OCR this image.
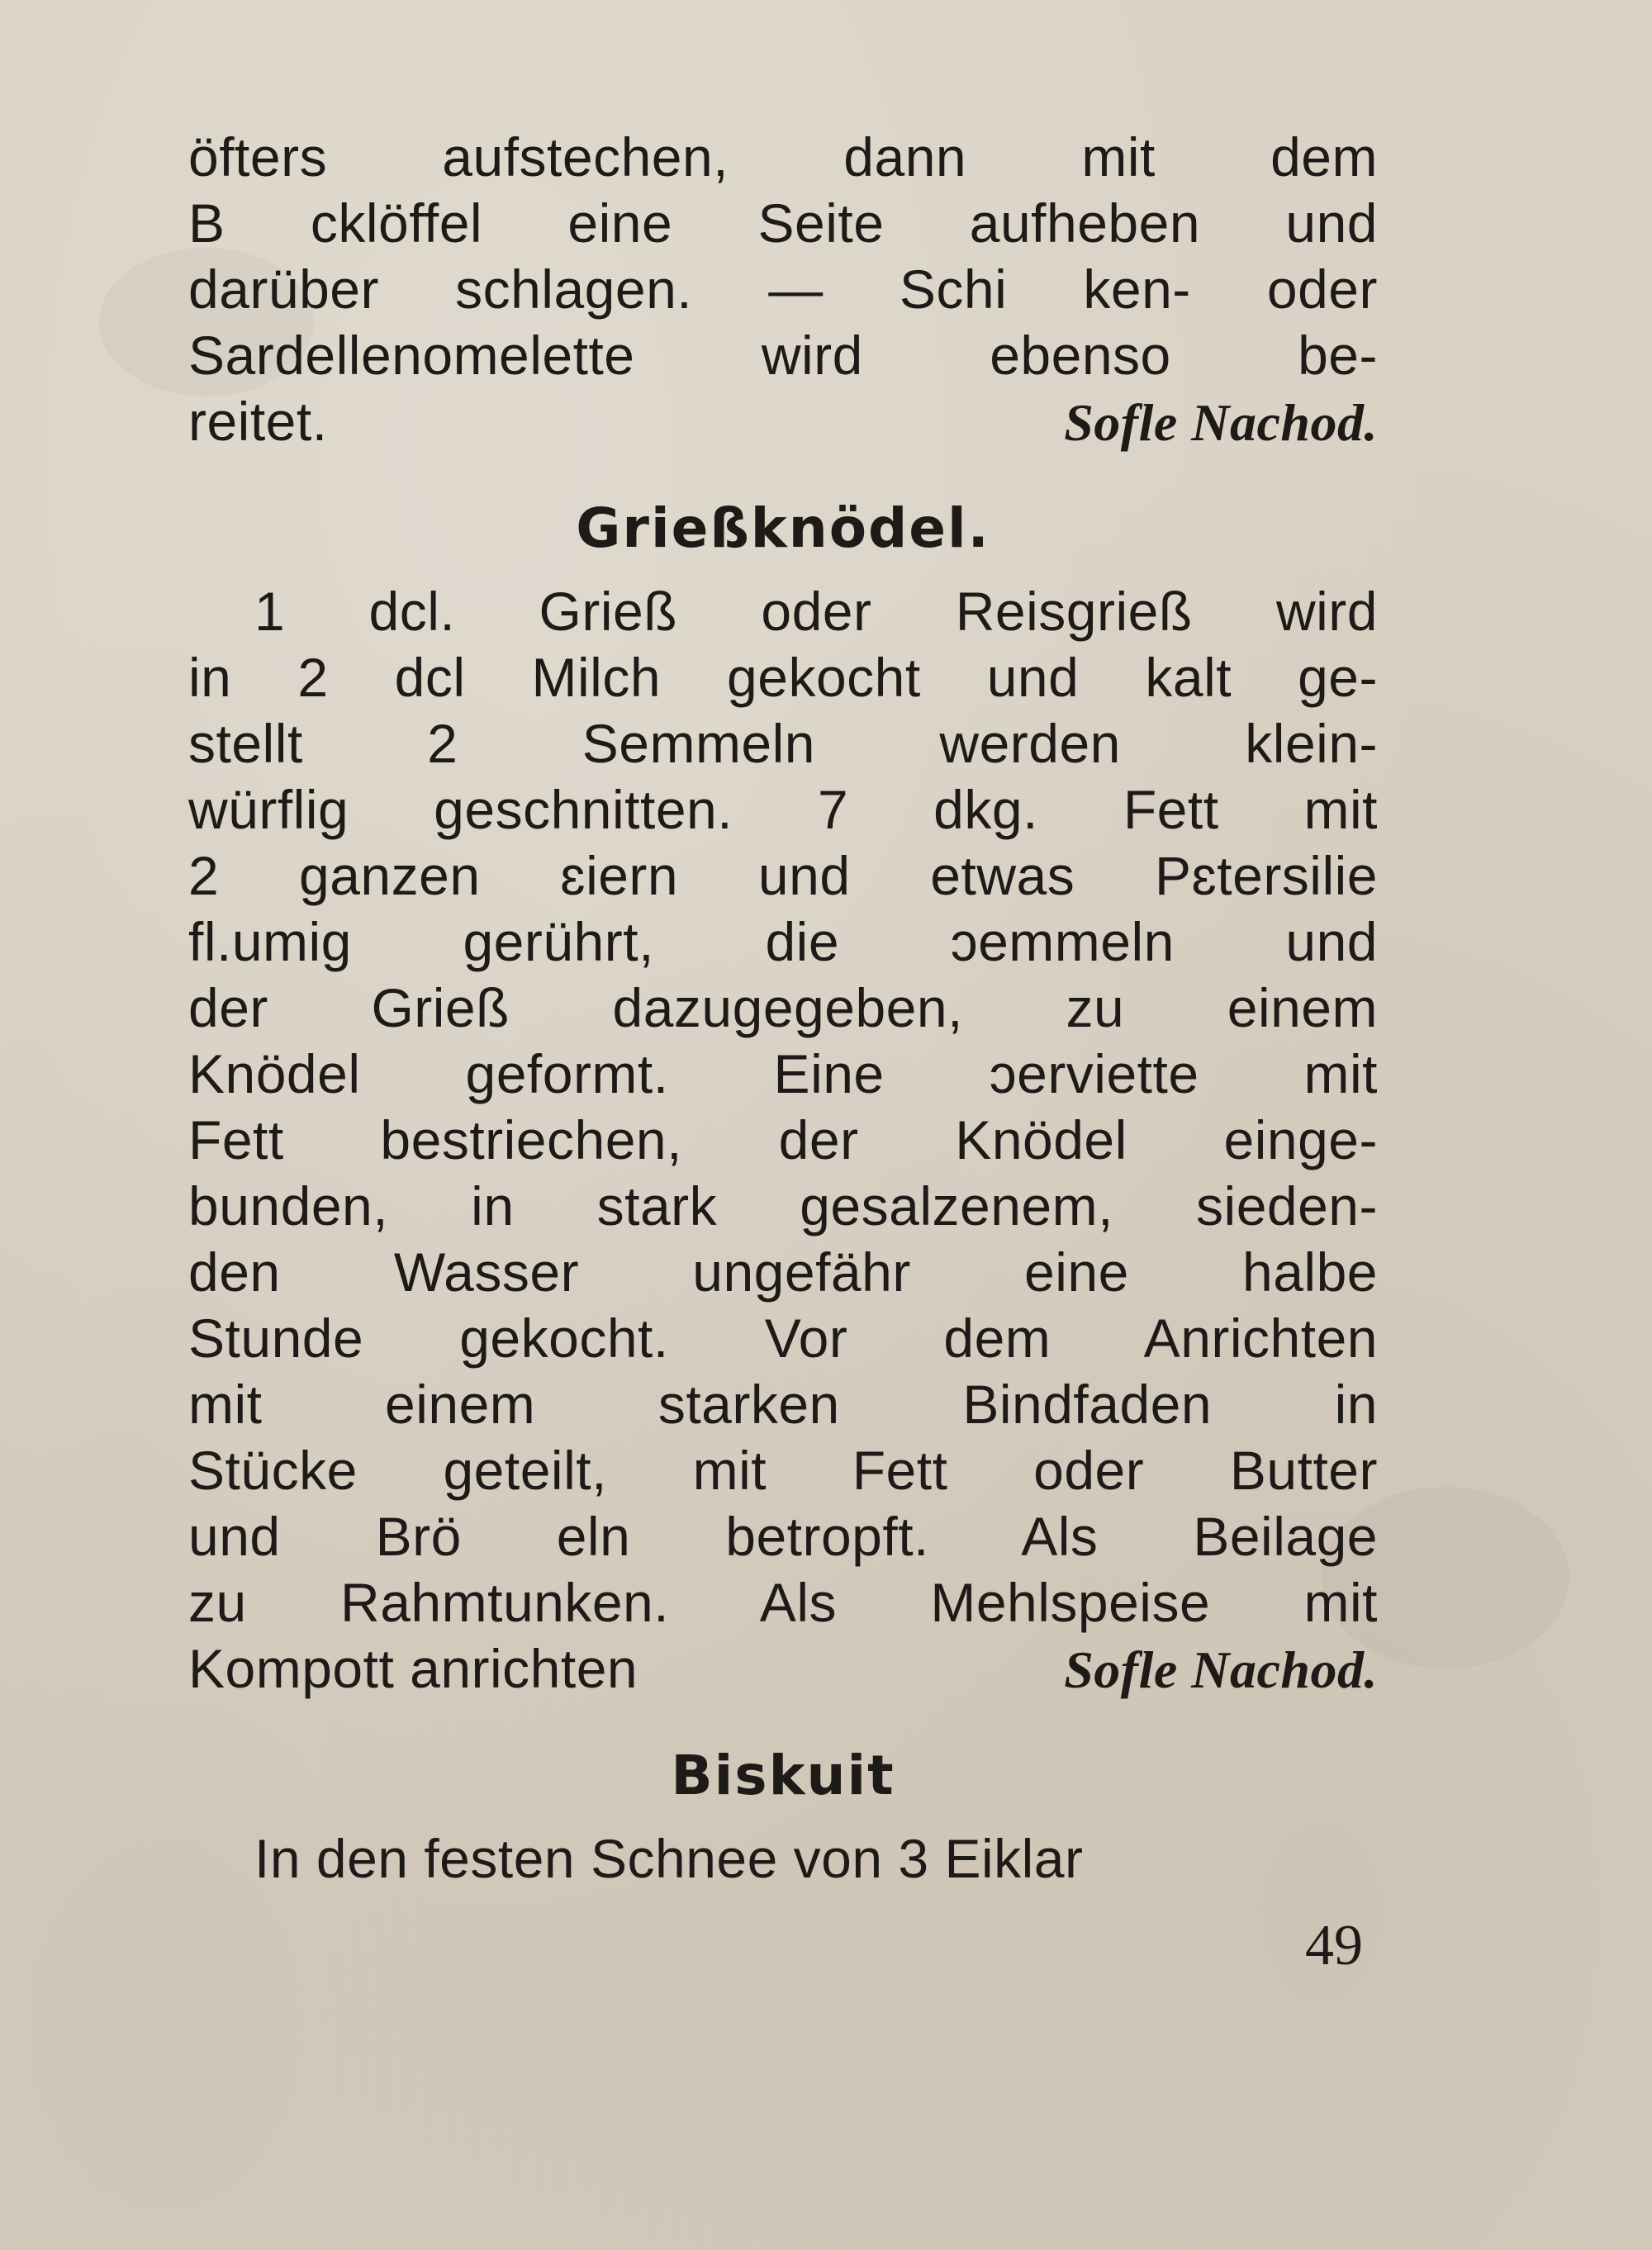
öfters aufstechen, dann mit dem
B cklöffel eine Seite aufheben und
darüber schlagen. — Schi ken- oder
Sardellenomelette wird ebenso be-
reitet.	Sofle Nachod.
Grießknödel.
1 dcl. Grieß oder Reisgrieß wird
in 2 dcl Milch gekocht und kalt ge-
stellt 2 Semmeln werden klein-
würflig geschnitten. 7 dkg. Fett mit
2 ganzen ɛiern und etwas Pɛtersilie
fl.umig gerührt, die ɔemmeln und
der Grieß dazugegeben, zu einem
Knödel geformt. Eine ɔerviette mit
Fett bestriechen, der Knödel einge-
bunden, in stark gesalzenem, sieden-
den Wasser ungefähr eine halbe
Stunde gekocht. Vor dem Anrichten
mit einem starken Bindfaden in
Stücke geteilt, mit Fett oder Butter
und Brö eln betropft. Als Beilage
zu Rahmtunken. Als Mehlspeise mit
Kompott anrichten	Sofle Nachod.
Biskuit
In den festen Schnee von 3 Eiklar
49
